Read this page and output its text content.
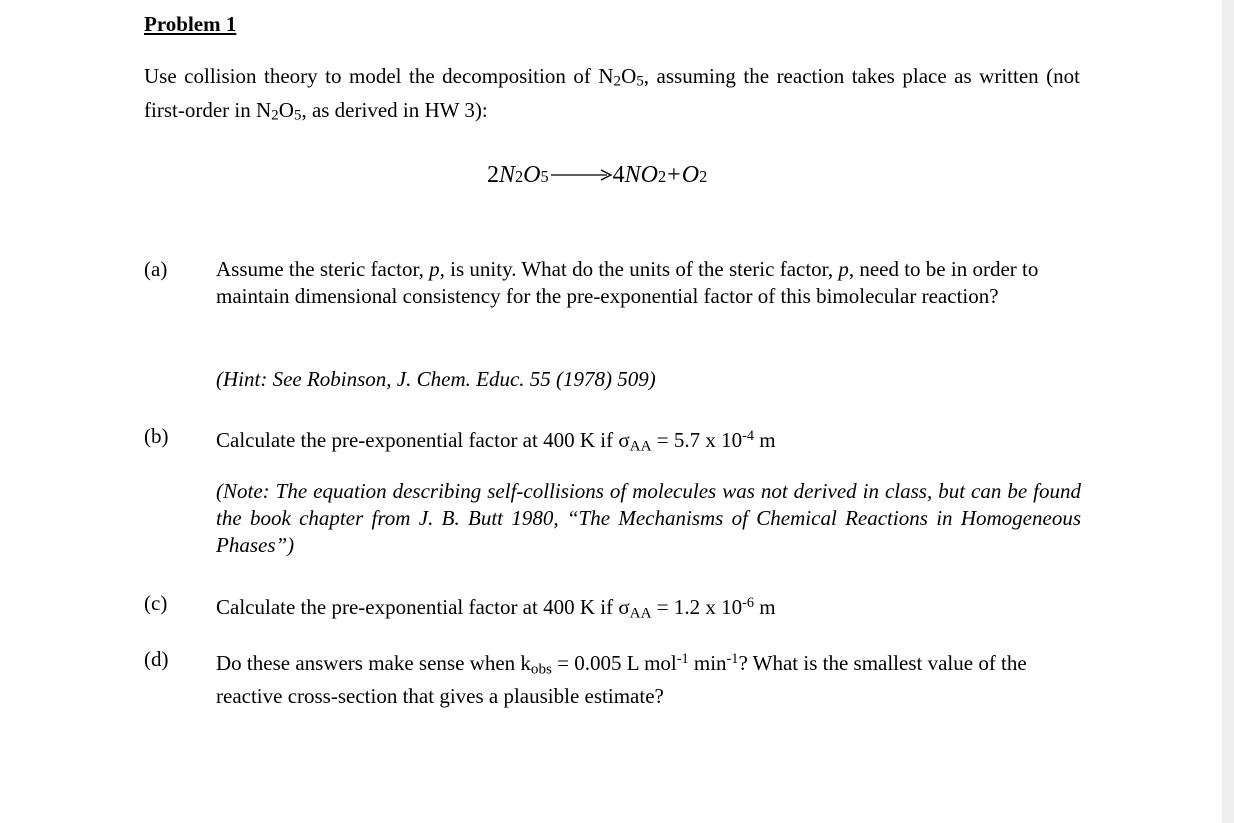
Problem 1
Use collision theory to model the decomposition of N2O5, assuming the reaction takes place as written (not first-order in N2O5, as derived in HW 3):
2 N 2 O 5 → 4 NO 2 + O 2
(a) Assume the steric factor, p, is unity. What do the units of the steric factor, p, need to be in order to maintain dimensional consistency for the pre-exponential factor of this bimolecular reaction?
(Hint: See Robinson, J. Chem. Educ. 55 (1978) 509)
(b) Calculate the pre-exponential factor at 400 K if σAA = 5.7 x $10^{-4}$ m
(Note: The equation describing self-collisions of molecules was not derived in class, but can be found the book chapter from J. B. Butt 1980, “The Mechanisms of Chemical Reactions in Homogeneous Phases”)
(c) Calculate the pre-exponential factor at 400 K if σAA = 1.2 x $10^{-6}$ m
(d) Do these answers make sense when kobs = 0.005 L mol$^{-1}$ $\min^{-1}$? What is the smallest value of the reactive cross-section that gives a plausible estimate?
